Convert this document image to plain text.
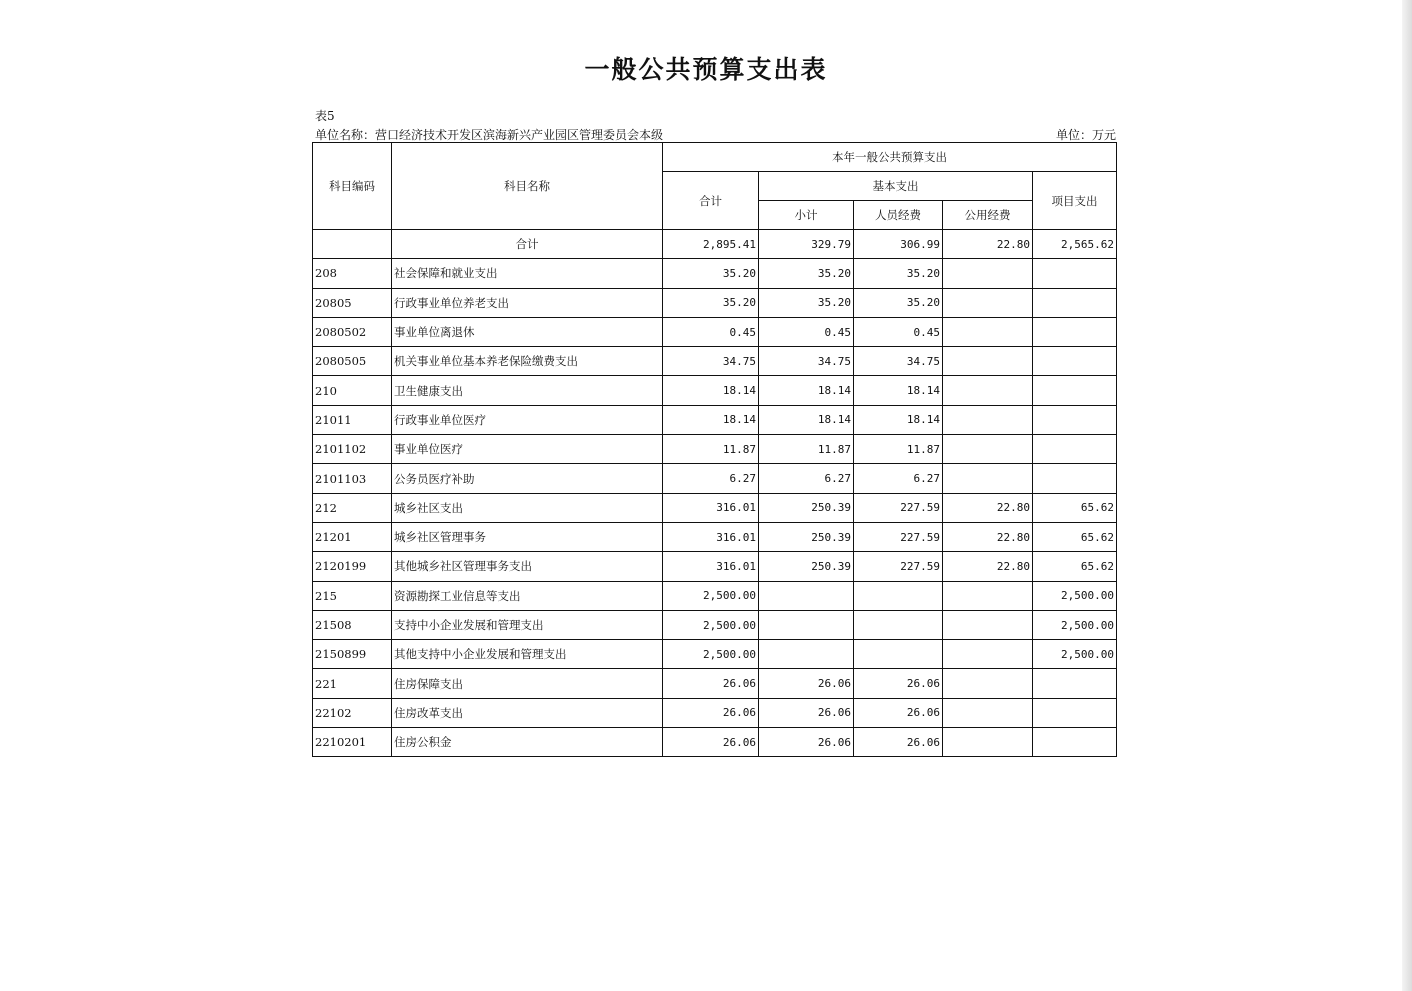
一般公共预算支出表
表5
单位名称：营口经济技术开发区滨海新兴产业园区管理委员会本级	单位：万元
科目编码	科目名称	本年一般公共预算支出				
		合计	基本支出			项目支出
			小计	人员经费	公用经费	
	合计	2,895.41	329.79	306.99	22.80	2,565.62
208	社会保障和就业支出	35.20	35.20	35.20		
20805	行政事业单位养老支出	35.20	35.20	35.20		
2080502	事业单位离退休	0.45	0.45	0.45		
2080505	机关事业单位基本养老保险缴费支出	34.75	34.75	34.75		
210	卫生健康支出	18.14	18.14	18.14		
21011	行政事业单位医疗	18.14	18.14	18.14		
2101102	事业单位医疗	11.87	11.87	11.87		
2101103	公务员医疗补助	6.27	6.27	6.27		
212	城乡社区支出	316.01	250.39	227.59	22.80	65.62
21201	城乡社区管理事务	316.01	250.39	227.59	22.80	65.62
2120199	其他城乡社区管理事务支出	316.01	250.39	227.59	22.80	65.62
215	资源勘探工业信息等支出	2,500.00				2,500.00
21508	支持中小企业发展和管理支出	2,500.00				2,500.00
2150899	其他支持中小企业发展和管理支出	2,500.00				2,500.00
221	住房保障支出	26.06	26.06	26.06		
22102	住房改革支出	26.06	26.06	26.06		
2210201	住房公积金	26.06	26.06	26.06		
